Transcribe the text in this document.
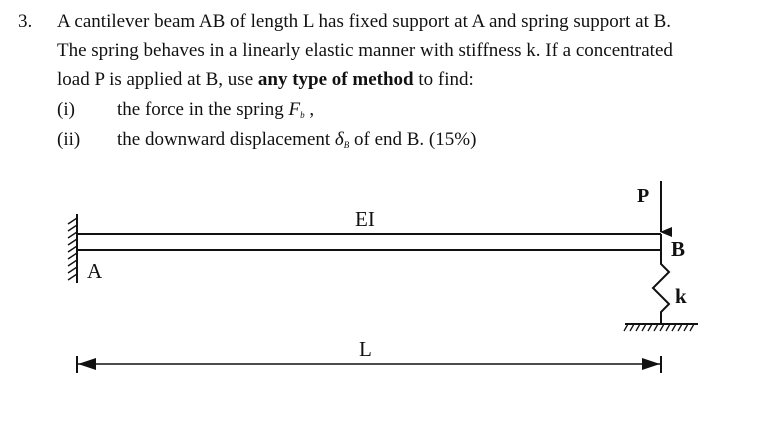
3. A cantilever beam AB of length L has fixed support at A and spring support at B.
The spring behaves in a linearly elastic manner with stiffness k. If a concentrated
load P is applied at B, use any type of method to find:
(i) the force in the spring $F_b$ ,
(ii) the downward displacement $\delta_B$ of end B. (15%)
P
EI
A
B
k
L
